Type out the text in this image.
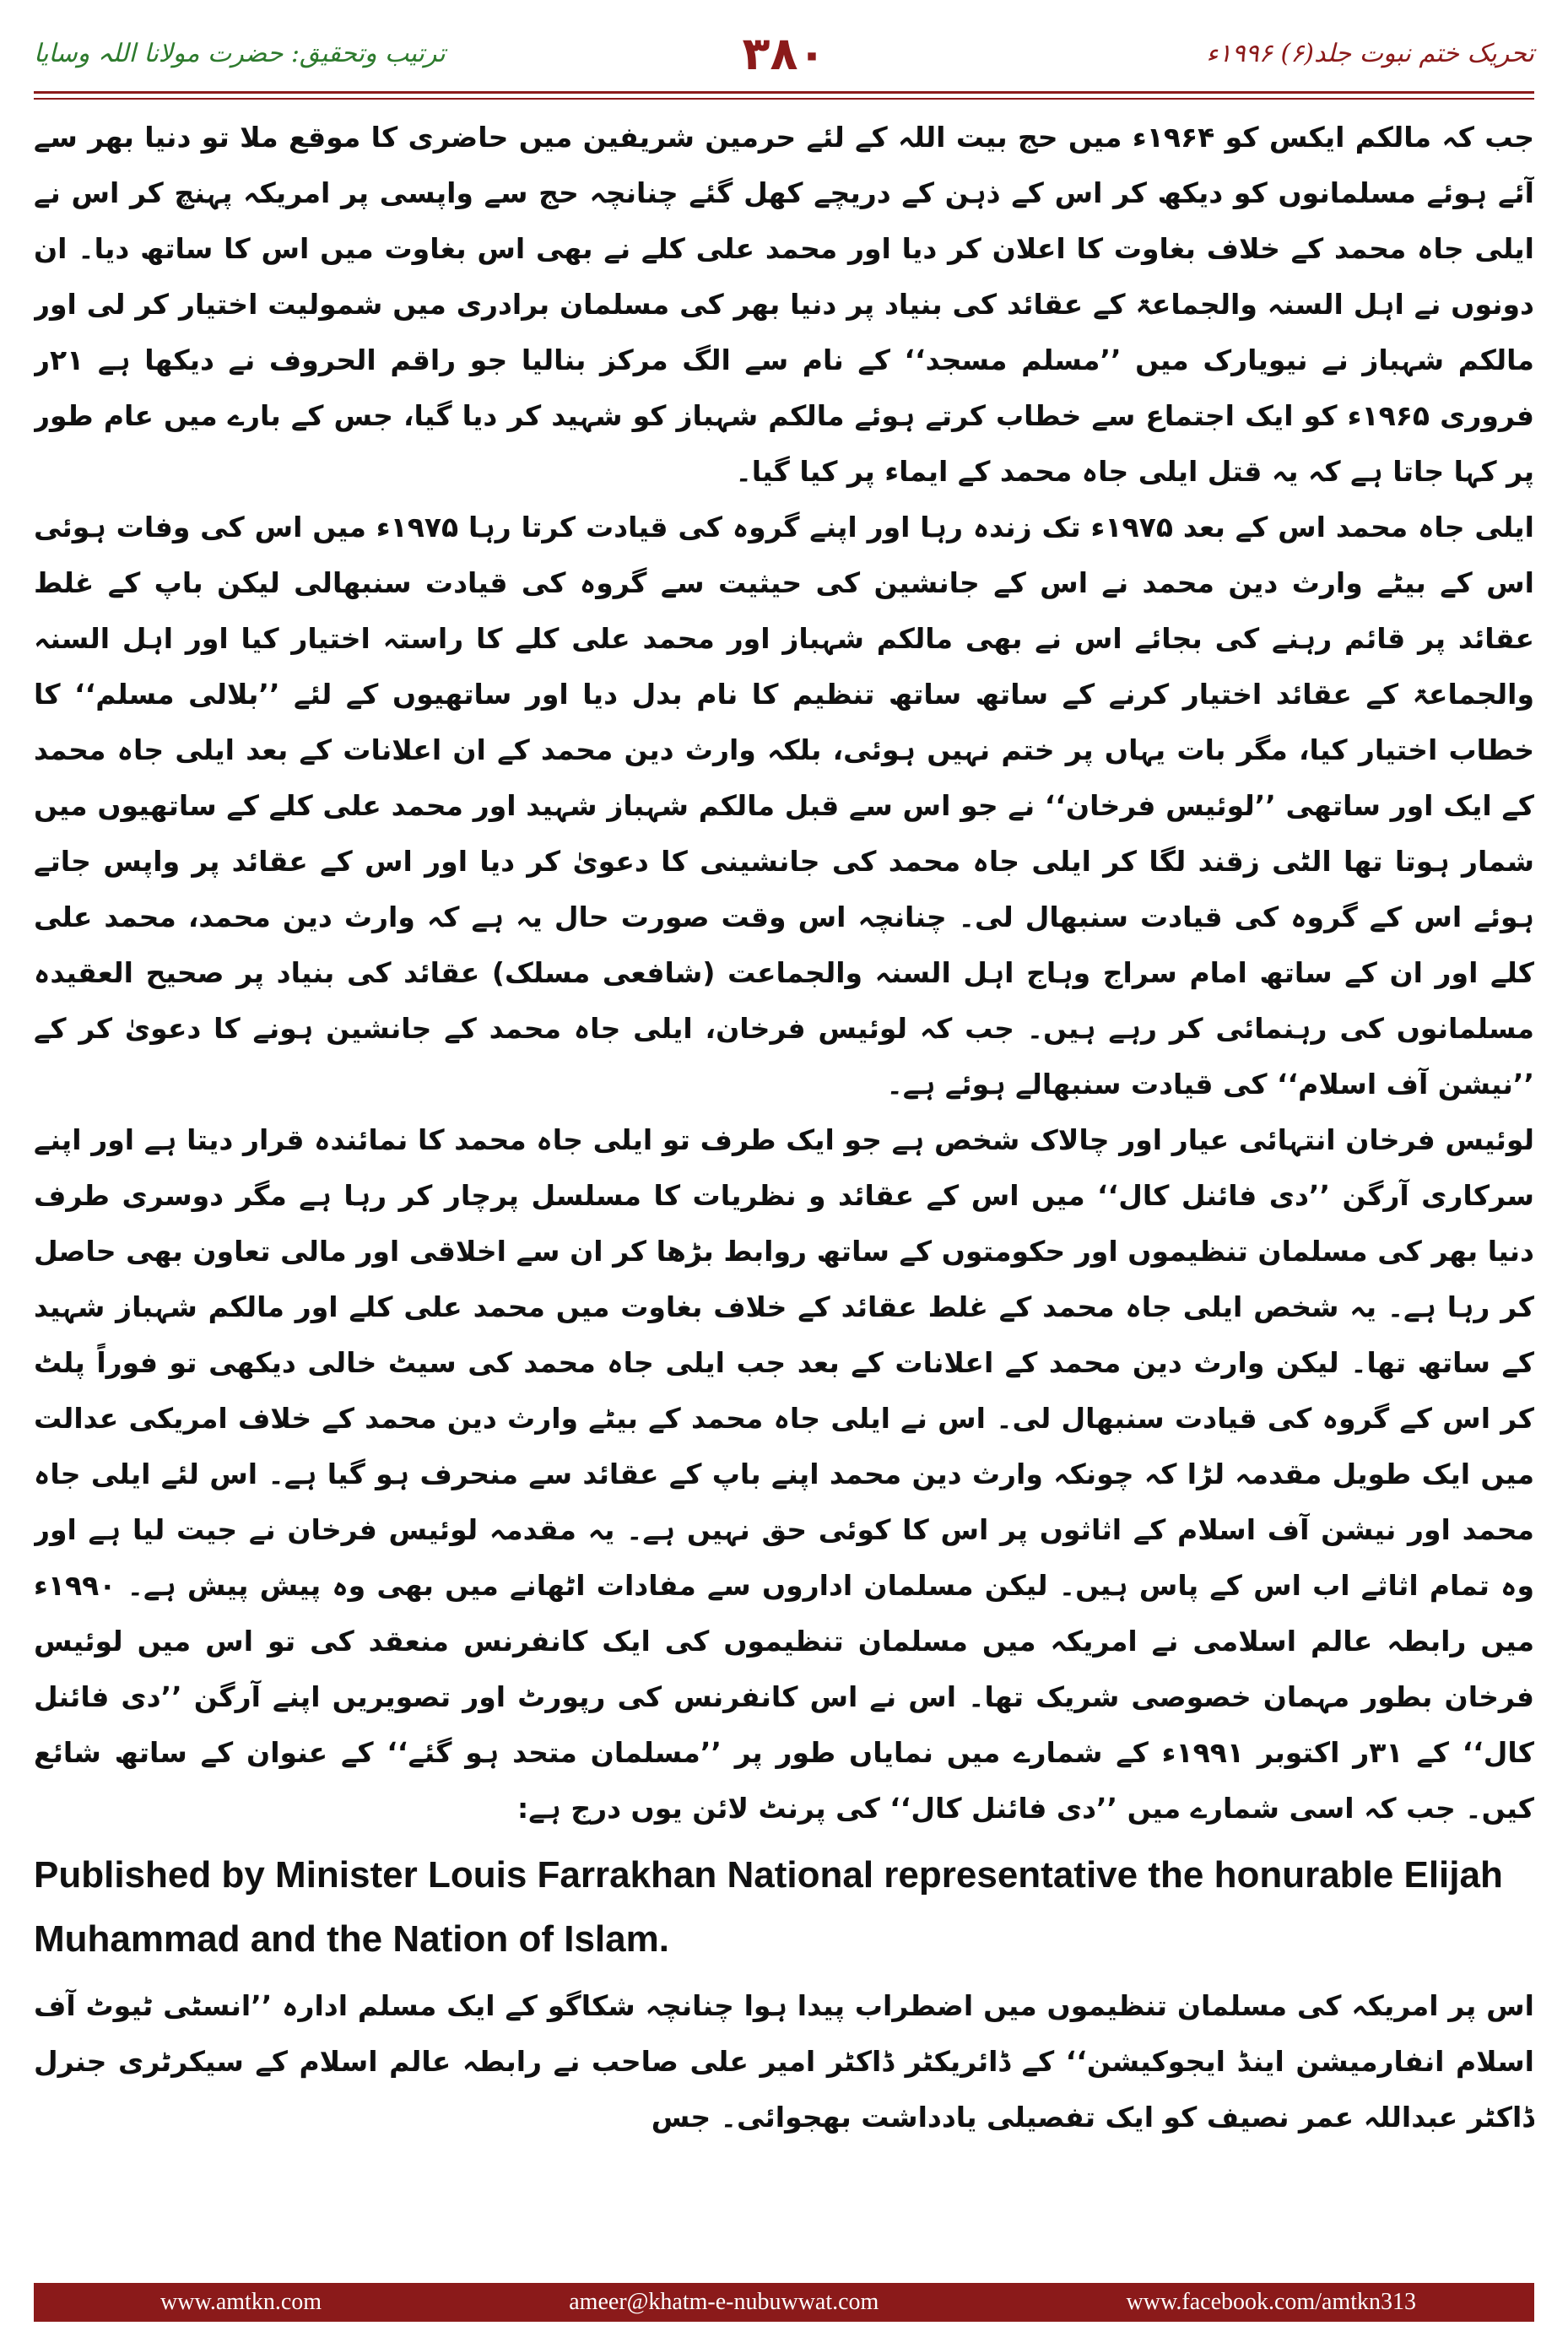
ترتیب وتحقیق: حضرت مولانا اللہ وسایا	۳۸۰	تحریک ختم نبوت جلد(۶) ۱۹۹۶ء

جب کہ مالکم ایکس کو ۱۹۶۴ء میں حج بیت اللہ کے لئے حرمین شریفین میں حاضری کا موقع ملا تو دنیا بھر سے آئے ہوئے مسلمانوں کو دیکھ کر اس کے ذہن کے دریچے کھل گئے چنانچہ حج سے واپسی پر امریکہ پہنچ کر اس نے ایلی جاہ محمد کے خلاف بغاوت کا اعلان کر دیا اور محمد علی کلے نے بھی اس بغاوت میں اس کا ساتھ دیا۔ ان دونوں نے اہل السنہ والجماعۃ کے عقائد کی بنیاد پر دنیا بھر کی مسلمان برادری میں شمولیت اختیار کر لی اور مالکم شہباز نے نیویارک میں ’’مسلم مسجد‘‘ کے نام سے الگ مرکز بنالیا جو راقم الحروف نے دیکھا ہے ۲۱ر فروری ۱۹۶۵ء کو ایک اجتماع سے خطاب کرتے ہوئے مالکم شہباز کو شہید کر دیا گیا، جس کے بارے میں عام طور پر کہا جاتا ہے کہ یہ قتل ایلی جاہ محمد کے ایماء پر کیا گیا۔

ایلی جاہ محمد اس کے بعد ۱۹۷۵ء تک زندہ رہا اور اپنے گروہ کی قیادت کرتا رہا ۱۹۷۵ء میں اس کی وفات ہوئی اس کے بیٹے وارث دین محمد نے اس کے جانشین کی حیثیت سے گروہ کی قیادت سنبھالی لیکن باپ کے غلط عقائد پر قائم رہنے کی بجائے اس نے بھی مالکم شہباز اور محمد علی کلے کا راستہ اختیار کیا اور اہل السنہ والجماعۃ کے عقائد اختیار کرنے کے ساتھ ساتھ تنظیم کا نام بدل دیا اور ساتھیوں کے لئے ’’بلالی مسلم‘‘ کا خطاب اختیار کیا، مگر بات یہاں پر ختم نہیں ہوئی، بلکہ وارث دین محمد کے ان اعلانات کے بعد ایلی جاہ محمد کے ایک اور ساتھی ’’لوئیس فرخان‘‘ نے جو اس سے قبل مالکم شہباز شہید اور محمد علی کلے کے ساتھیوں میں شمار ہوتا تھا الٹی زقند لگا کر ایلی جاہ محمد کی جانشینی کا دعویٰ کر دیا اور اس کے عقائد پر واپس جاتے ہوئے اس کے گروہ کی قیادت سنبھال لی۔ چنانچہ اس وقت صورت حال یہ ہے کہ وارث دین محمد، محمد علی کلے اور ان کے ساتھ امام سراج وہاج اہل السنہ والجماعت (شافعی مسلک) عقائد کی بنیاد پر صحیح العقیدہ مسلمانوں کی رہنمائی کر رہے ہیں۔ جب کہ لوئیس فرخان، ایلی جاہ محمد کے جانشین ہونے کا دعویٰ کر کے ’’نیشن آف اسلام‘‘ کی قیادت سنبھالے ہوئے ہے۔

لوئیس فرخان انتہائی عیار اور چالاک شخص ہے جو ایک طرف تو ایلی جاہ محمد کا نمائندہ قرار دیتا ہے اور اپنے سرکاری آرگن ’’دی فائنل کال‘‘ میں اس کے عقائد و نظریات کا مسلسل پرچار کر رہا ہے مگر دوسری طرف دنیا بھر کی مسلمان تنظیموں اور حکومتوں کے ساتھ روابط بڑھا کر ان سے اخلاقی اور مالی تعاون بھی حاصل کر رہا ہے۔ یہ شخص ایلی جاہ محمد کے غلط عقائد کے خلاف بغاوت میں محمد علی کلے اور مالکم شہباز شہید کے ساتھ تھا۔ لیکن وارث دین محمد کے اعلانات کے بعد جب ایلی جاہ محمد کی سیٹ خالی دیکھی تو فوراً پلٹ کر اس کے گروہ کی قیادت سنبھال لی۔ اس نے ایلی جاہ محمد کے بیٹے وارث دین محمد کے خلاف امریکی عدالت میں ایک طویل مقدمہ لڑا کہ چونکہ وارث دین محمد اپنے باپ کے عقائد سے منحرف ہو گیا ہے۔ اس لئے ایلی جاہ محمد اور نیشن آف اسلام کے اثاثوں پر اس کا کوئی حق نہیں ہے۔ یہ مقدمہ لوئیس فرخان نے جیت لیا ہے اور وہ تمام اثاثے اب اس کے پاس ہیں۔ لیکن مسلمان اداروں سے مفادات اٹھانے میں بھی وہ پیش پیش ہے۔ ۱۹۹۰ء میں رابطہ عالم اسلامی نے امریکہ میں مسلمان تنظیموں کی ایک کانفرنس منعقد کی تو اس میں لوئیس فرخان بطور مہمان خصوصی شریک تھا۔ اس نے اس کانفرنس کی رپورٹ اور تصویریں اپنے آرگن ’’دی فائنل کال‘‘ کے ۳۱ر اکتوبر ۱۹۹۱ء کے شمارے میں نمایاں طور پر ’’مسلمان متحد ہو گئے‘‘ کے عنوان کے ساتھ شائع کیں۔ جب کہ اسی شمارے میں ’’دی فائنل کال‘‘ کی پرنٹ لائن یوں درج ہے:

Published by Minister Louis Farrakhan National representative the honurable Elijah Muhammad and the Nation of Islam.

اس پر امریکہ کی مسلمان تنظیموں میں اضطراب پیدا ہوا چنانچہ شکاگو کے ایک مسلم ادارہ ’’انسٹی ٹیوٹ آف اسلام انفارمیشن اینڈ ایجوکیشن‘‘ کے ڈائریکٹر ڈاکٹر امیر علی صاحب نے رابطہ عالم اسلام کے سیکرٹری جنرل ڈاکٹر عبداللہ عمر نصیف کو ایک تفصیلی یادداشت بھجوائی۔ جس

www.amtkn.com	ameer@khatm-e-nubuwwat.com	www.facebook.com/amtkn313
